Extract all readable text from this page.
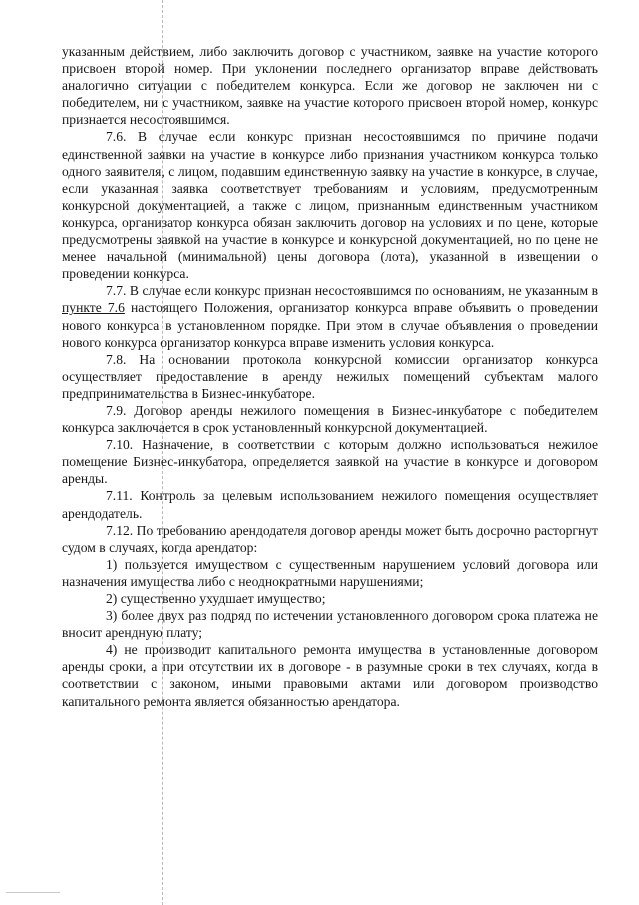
указанным действием, либо заключить договор с участником, заявке на участие которого присвоен второй номер. При уклонении последнего организатор вправе действовать аналогично ситуации с победителем конкурса. Если же договор не заключен ни с победителем, ни с участником, заявке на участие которого присвоен второй номер, конкурс признается несостоявшимся.

7.6. В случае если конкурс признан несостоявшимся по причине подачи единственной заявки на участие в конкурсе либо признания участником конкурса только одного заявителя, с лицом, подавшим единственную заявку на участие в конкурсе, в случае, если указанная заявка соответствует требованиям и условиям, предусмотренным конкурсной документацией, а также с лицом, признанным единственным участником конкурса, организатор конкурса обязан заключить договор на условиях и по цене, которые предусмотрены заявкой на участие в конкурсе и конкурсной документацией, но по цене не менее начальной (минимальной) цены договора (лота), указанной в извещении о проведении конкурса.

7.7. В случае если конкурс признан несостоявшимся по основаниям, не указанным в пункте 7.6 настоящего Положения, организатор конкурса вправе объявить о проведении нового конкурса в установленном порядке. При этом в случае объявления о проведении нового конкурса организатор конкурса вправе изменить условия конкурса.

7.8. На основании протокола конкурсной комиссии организатор конкурса осуществляет предоставление в аренду нежилых помещений субъектам малого предпринимательства в Бизнес-инкубаторе.

7.9. Договор аренды нежилого помещения в Бизнес-инкубаторе с победителем конкурса заключается в срок установленный конкурсной документацией.

7.10. Назначение, в соответствии с которым должно использоваться нежилое помещение Бизнес-инкубатора, определяется заявкой на участие в конкурсе и договором аренды.

7.11. Контроль за целевым использованием нежилого помещения осуществляет арендодатель.

7.12. По требованию арендодателя договор аренды может быть досрочно расторгнут судом в случаях, когда арендатор:

1) пользуется имуществом с существенным нарушением условий договора или назначения имущества либо с неоднократными нарушениями;

2) существенно ухудшает имущество;

3) более двух раз подряд по истечении установленного договором срока платежа не вносит арендную плату;

4) не производит капитального ремонта имущества в установленные договором аренды сроки, а при отсутствии их в договоре - в разумные сроки в тех случаях, когда в соответствии с законом, иными правовыми актами или договором производство капитального ремонта является обязанностью арендатора.
